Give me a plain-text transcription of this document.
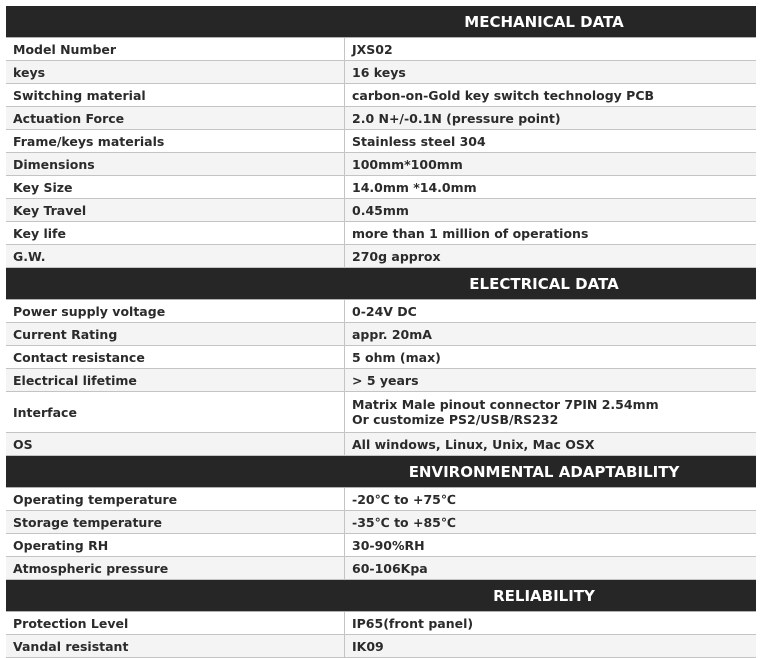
MECHANICAL DATA
Model Number	JXS02
keys	16 keys
Switching material	carbon-on-Gold key switch technology PCB
Actuation Force	2.0 N+/-0.1N (pressure point)
Frame/keys materials	Stainless steel 304
Dimensions	100mm*100mm
Key Size	14.0mm *14.0mm
Key Travel	0.45mm
Key life	more than 1 million of operations
G.W.	270g approx
ELECTRICAL DATA
Power supply voltage	0-24V DC
Current Rating	appr. 20mA
Contact resistance	5 ohm (max)
Electrical lifetime	> 5 years
Interface	Matrix Male pinout connector 7PIN 2.54mm
Or customize PS2/USB/RS232
OS	All windows, Linux, Unix, Mac OSX
ENVIRONMENTAL ADAPTABILITY
Operating temperature	-20℃ to +75℃
Storage temperature	-35℃ to +85℃
Operating RH	30-90%RH
Atmospheric pressure	60-106Kpa
RELIABILITY
Protection Level	IP65(front panel)
Vandal resistant	IK09
